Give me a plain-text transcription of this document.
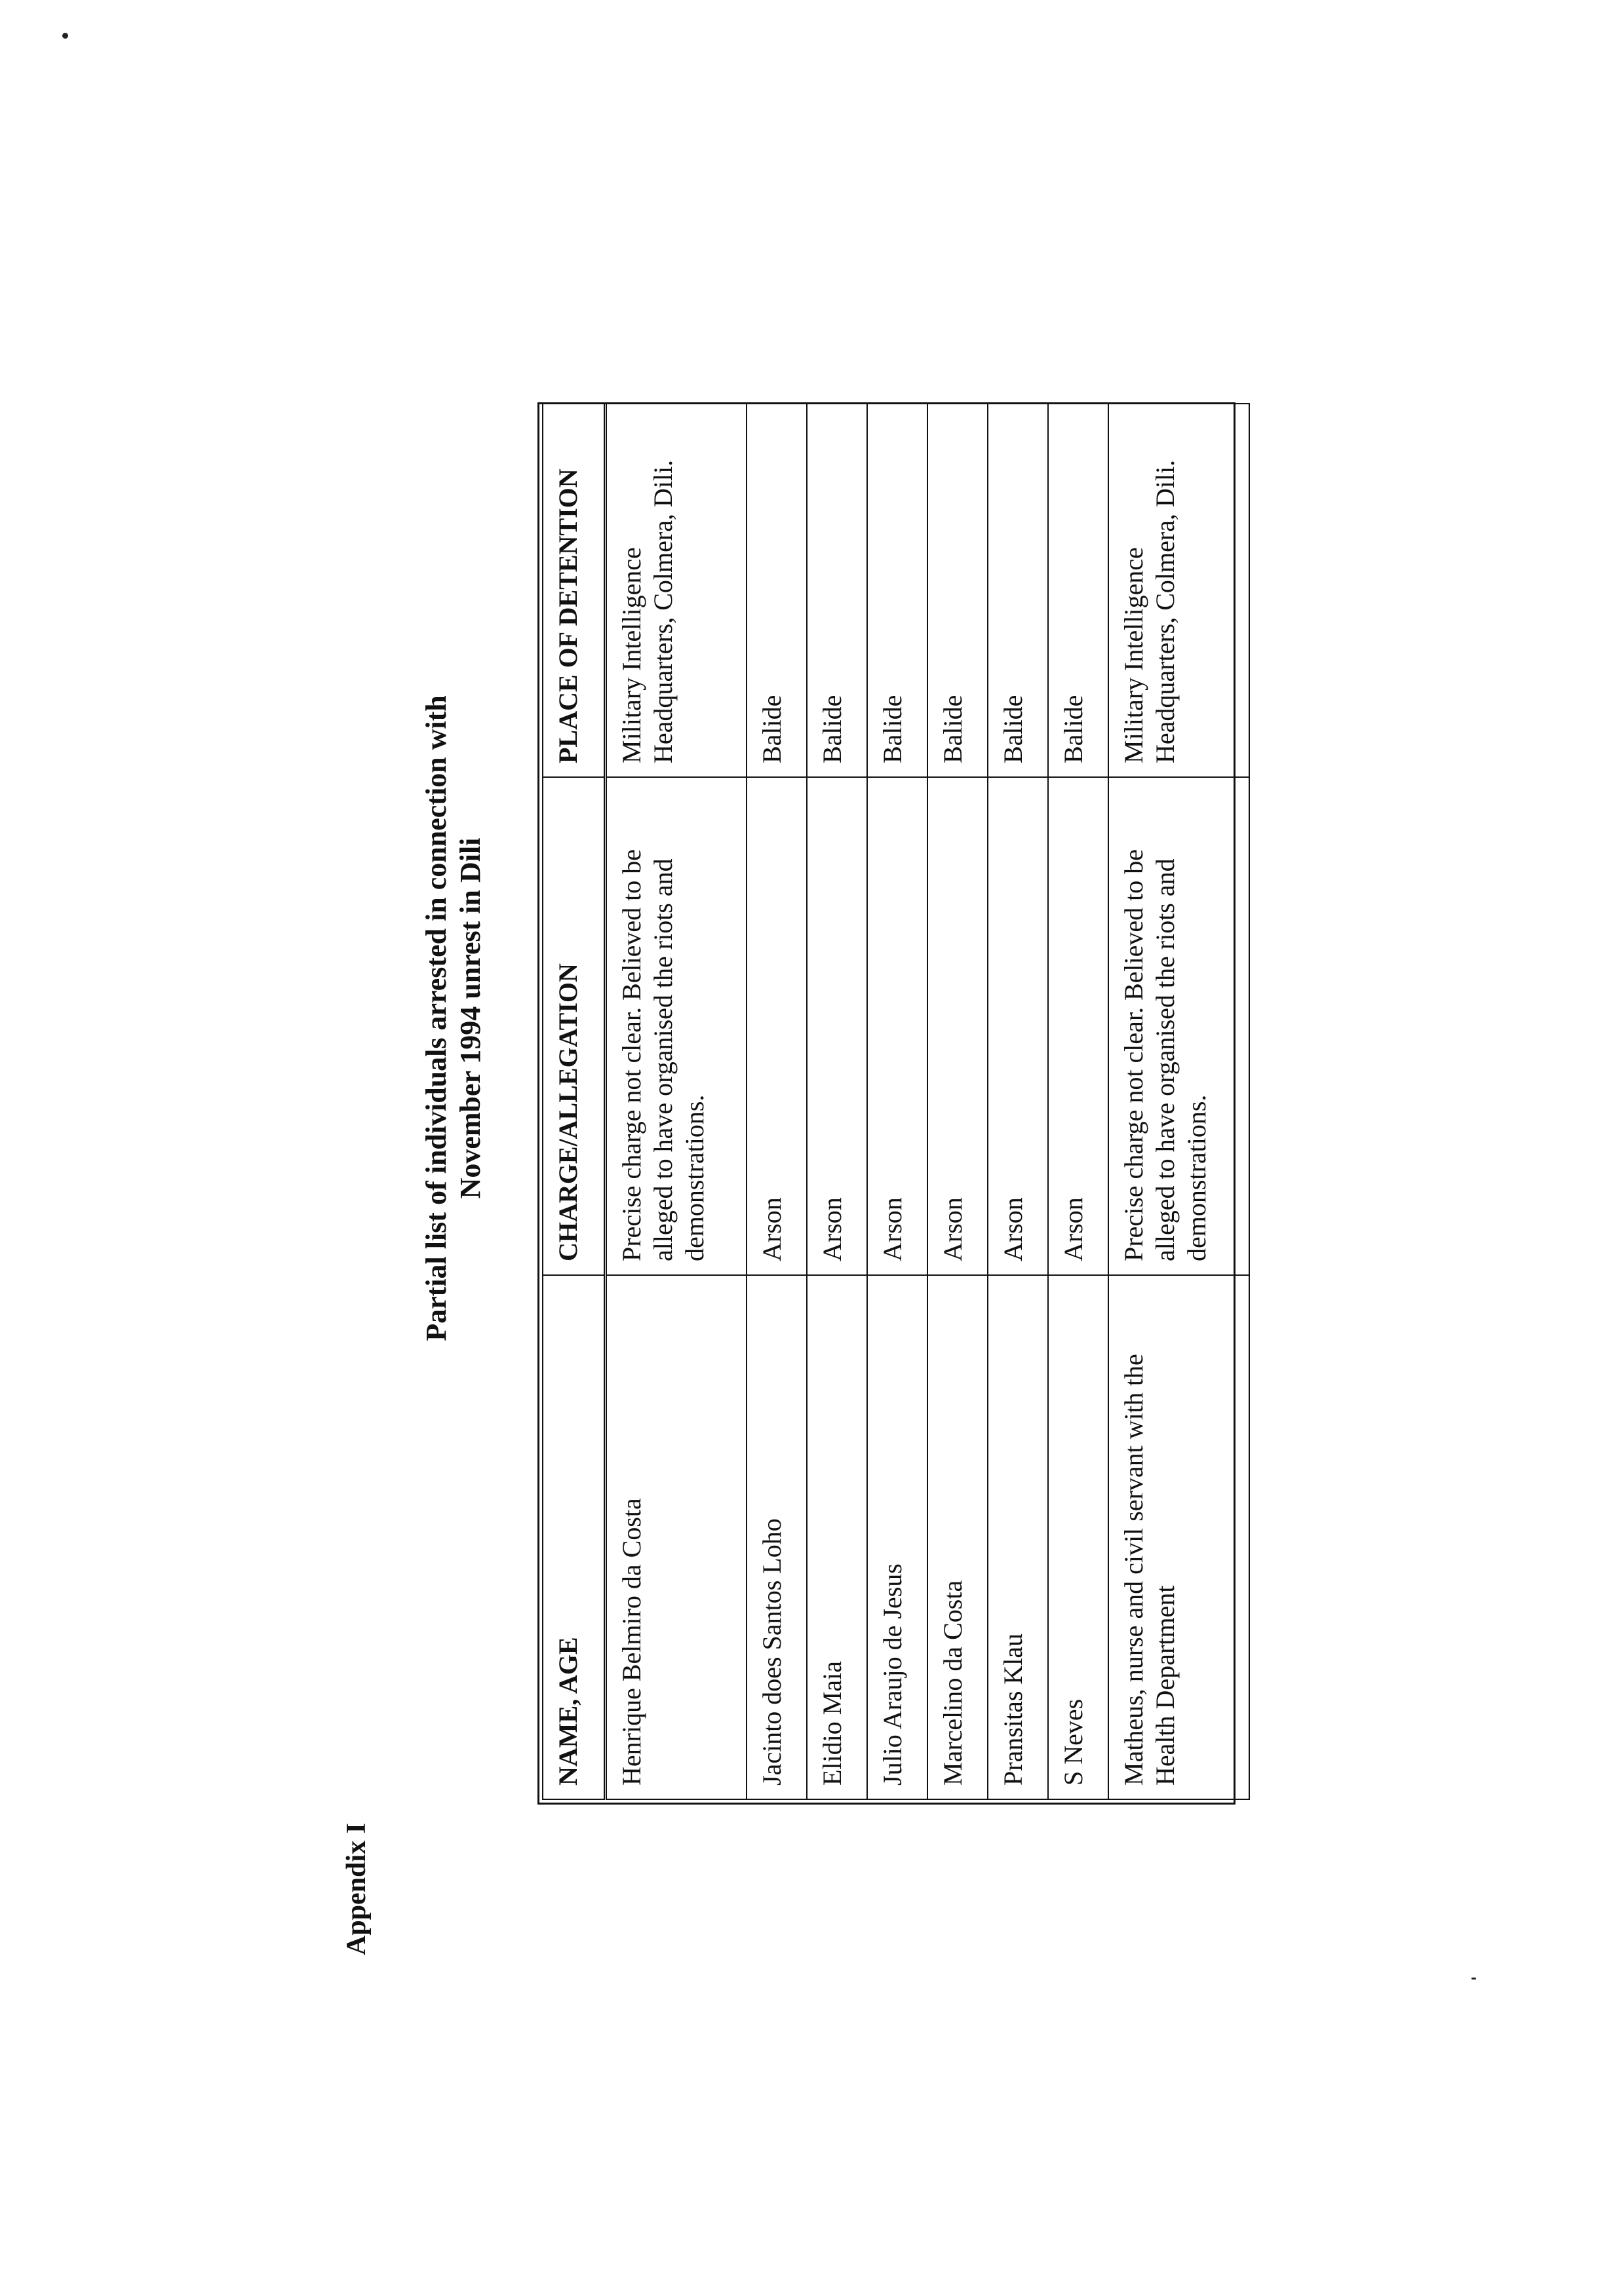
Appendix I
Partial list of individuals arrested in connection with November 1994 unrest in Dili
NAME, AGE	CHARGE/ALLEGATION	PLACE OF DETENTION
Henrique Belmiro da Costa	Precise charge not clear. Believed to be alleged to have organised the riots and demonstrations.	Military Intelligence Headquarters, Colmera, Dili.
Jacinto does Santos Loho	Arson	Balide
Elidio Maia	Arson	Balide
Julio Araujo de Jesus	Arson	Balide
Marcelino da Costa	Arson	Balide
Pransitas Klau	Arson	Balide
S Neves	Arson	Balide
Matheus, nurse and civil servant with the Health Department	Precise charge not clear. Believed to be alleged to have organised the riots and demonstrations.	Military Intelligence Headquarters, Colmera, Dili.
